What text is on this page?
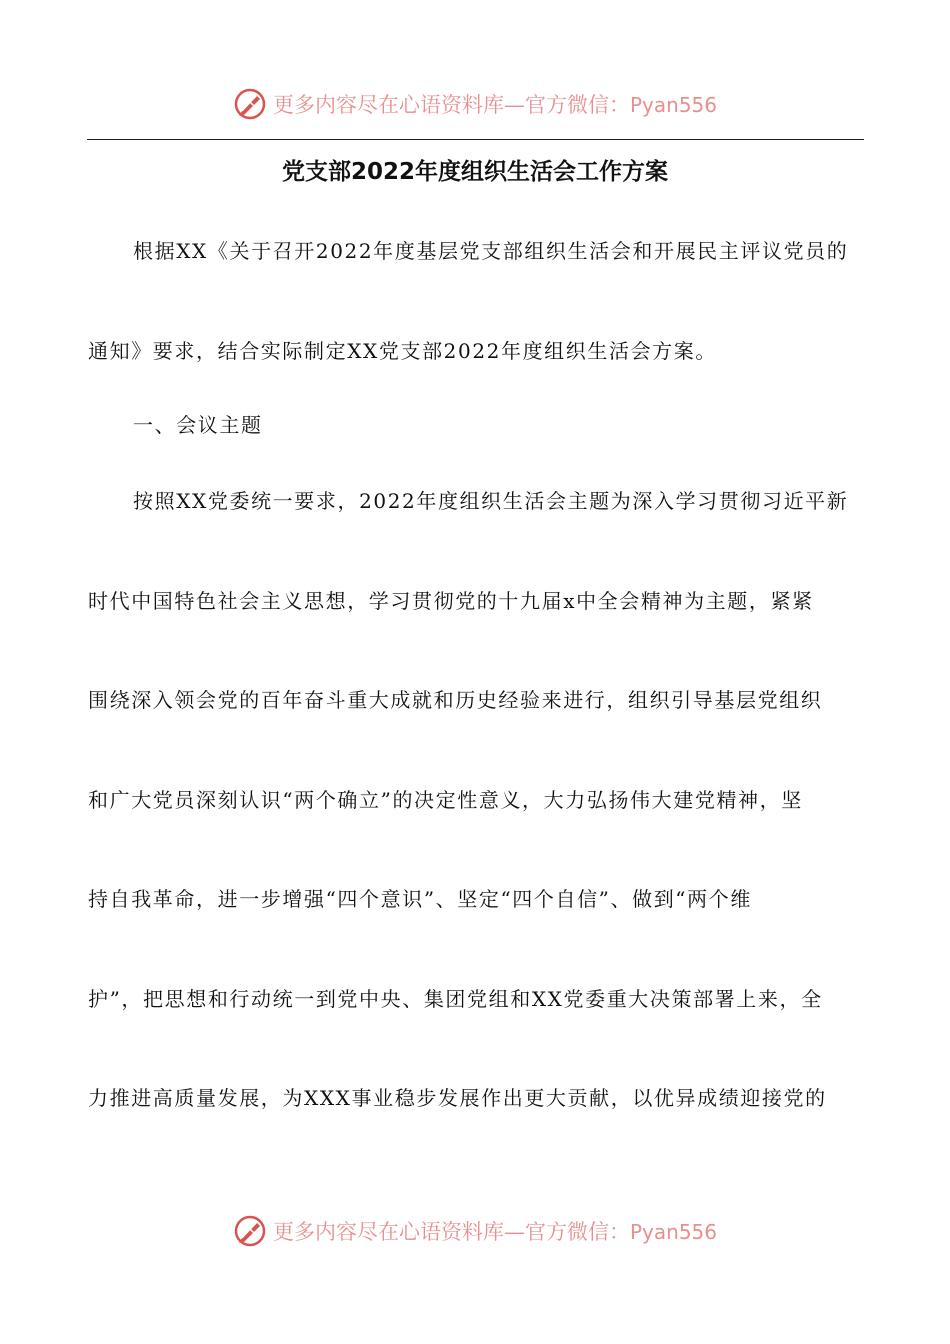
更多内容尽在心语资料库—官方微信：Pyan556
党支部2022年度组织生活会工作方案
根据XX《关于召开2022年度基层党支部组织生活会和开展民主评议党员的
通知》要求，结合实际制定XX党支部2022年度组织生活会方案。
一、会议主题
按照XX党委统一要求，2022年度组织生活会主题为深入学习贯彻习近平新
时代中国特色社会主义思想，学习贯彻党的十九届x中全会精神为主题，紧紧
围绕深入领会党的百年奋斗重大成就和历史经验来进行，组织引导基层党组织
和广大党员深刻认识“两个确立”的决定性意义，大力弘扬伟大建党精神，坚
持自我革命，进一步增强“四个意识”、坚定“四个自信”、做到“两个维
护”，把思想和行动统一到党中央、集团党组和XX党委重大决策部署上来，全
力推进高质量发展，为XXX事业稳步发展作出更大贡献，以优异成绩迎接党的
更多内容尽在心语资料库—官方微信：Pyan556
